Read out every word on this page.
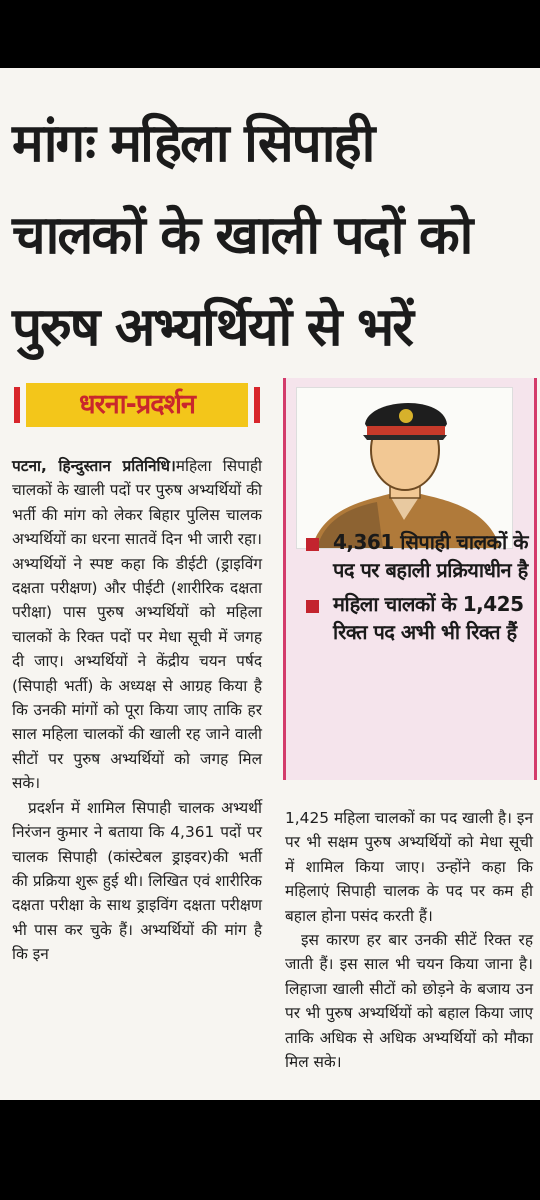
मांगः महिला सिपाही
चालकों के खाली पदों को
पुरुष अभ्यर्थियों से भरें
धरना-प्रदर्शन

पटना, हिन्दुस्तान प्रतिनिधि।महिला सिपाही चालकों के खाली पदों पर पुरुष अभ्यर्थियों की भर्ती की मांग को लेकर बिहार पुलिस चालक अभ्यर्थियों का धरना सातवें दिन भी जारी रहा। अभ्यर्थियों ने स्पष्ट कहा कि डीईटी (ड्राइविंग दक्षता परीक्षण) और पीईटी (शारीरिक दक्षता परीक्षा) पास पुरुष अभ्यर्थियों को महिला चालकों के रिक्त पदों पर मेधा सूची में जगह दी जाए। अभ्यर्थियों ने केंद्रीय चयन पर्षद (सिपाही भर्ती) के अध्यक्ष से आग्रह किया है कि उनकी मांगों को पूरा किया जाए ताकि हर साल महिला चालकों की खाली रह जाने वाली सीटों पर पुरुष अभ्यर्थियों को जगह मिल सके।

प्रदर्शन में शामिल सिपाही चालक अभ्यर्थी निरंजन कुमार ने बताया कि 4,361 पदों पर चालक सिपाही (कांस्टेबल ड्राइवर)की भर्ती की प्रक्रिया शुरू हुई थी। लिखित एवं शारीरिक दक्षता परीक्षा के साथ ड्राइविंग दक्षता परीक्षण भी पास कर चुके हैं। अभ्यर्थियों की मांग है कि इन

4,361 सिपाही चालकों के पद पर बहाली प्रक्रियाधीन है
महिला चालकों के 1,425 रिक्त पद अभी भी रिक्त हैं

1,425 महिला चालकों का पद खाली है। इन पर भी सक्षम पुरुष अभ्यर्थियों को मेधा सूची में शामिल किया जाए। उन्होंने कहा कि महिलाएं सिपाही चालक के पद पर कम ही बहाल होना पसंद करती हैं।

इस कारण हर बार उनकी सीटें रिक्त रह जाती हैं। इस साल भी चयन किया जाना है। लिहाजा खाली सीटों को छोड़ने के बजाय उन पर भी पुरुष अभ्यर्थियों को बहाल किया जाए ताकि अधिक से अधिक अभ्यर्थियों को मौका मिल सके।
